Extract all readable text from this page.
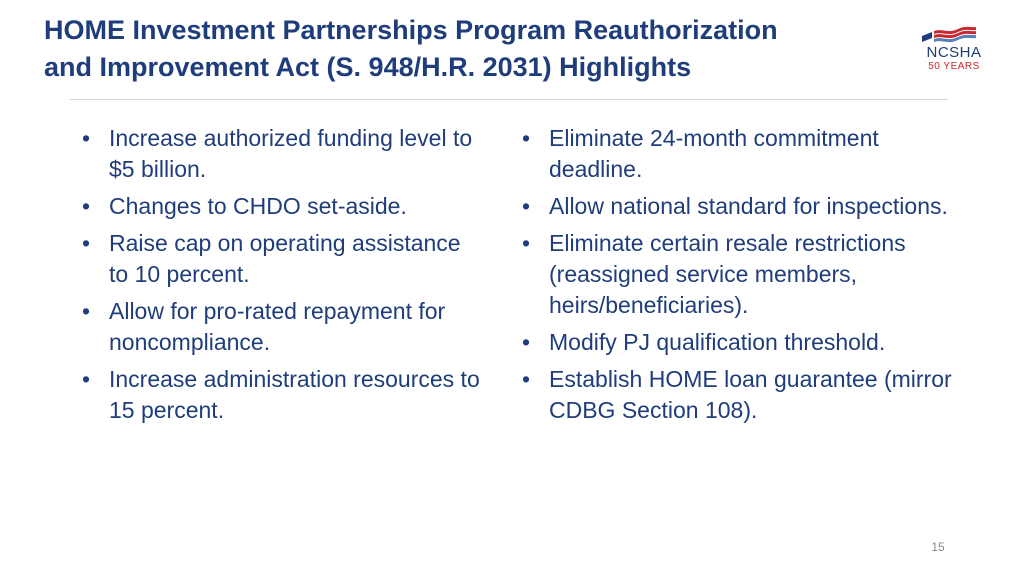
HOME Investment Partnerships Program Reauthorization
and Improvement Act (S. 948/H.R. 2031) Highlights	NCSHA
50 YEARS
• Increase authorized funding level to $5 billion.
• Changes to CHDO set-aside.
• Raise cap on operating assistance to 10 percent.
• Allow for pro-rated repayment for noncompliance.
• Increase administration resources to 15 percent.
• Eliminate 24-month commitment deadline.
• Allow national standard for inspections.
• Eliminate certain resale restrictions (reassigned service members, heirs/beneficiaries).
• Modify PJ qualification threshold.
• Establish HOME loan guarantee (mirror CDBG Section 108).
15
